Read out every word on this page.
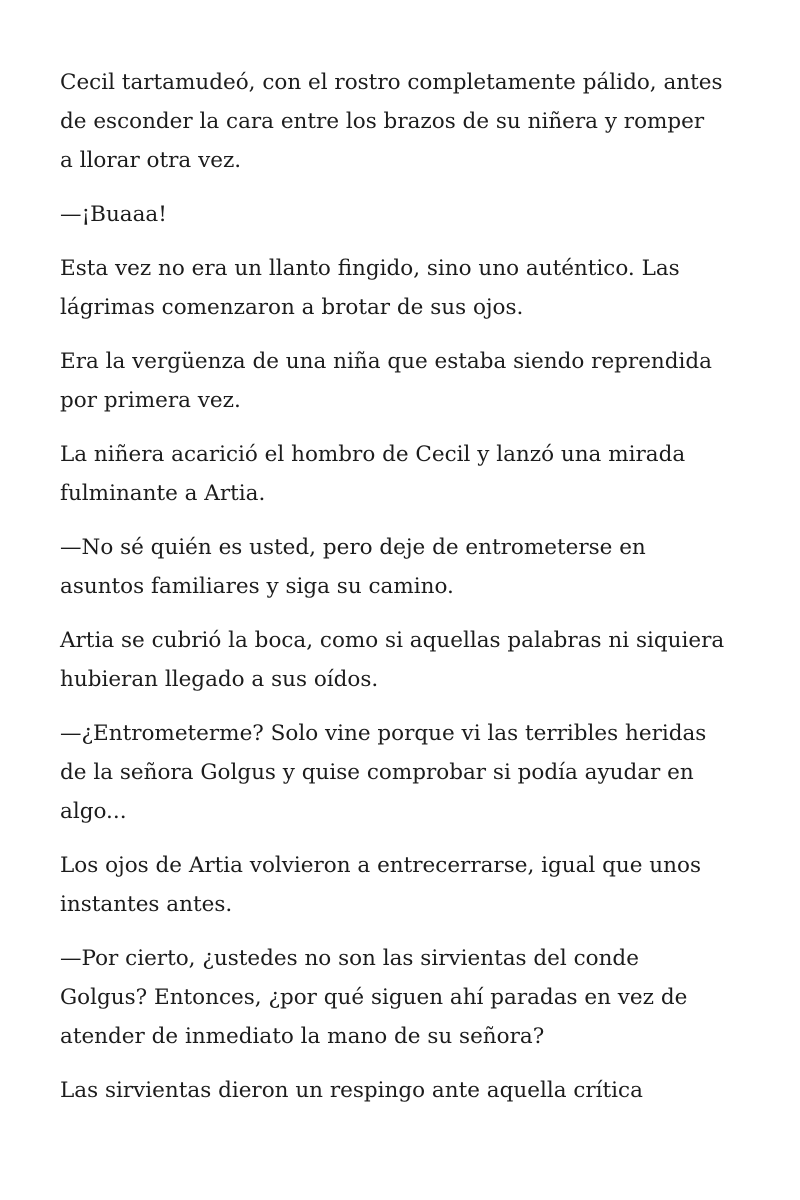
Cecil tartamudeó, con el rostro completamente pálido, antes
de esconder la cara entre los brazos de su niñera y romper
a llorar otra vez.

—¡Buaaa!

Esta vez no era un llanto fingido, sino uno auténtico. Las
lágrimas comenzaron a brotar de sus ojos.

Era la vergüenza de una niña que estaba siendo reprendida
por primera vez.

La niñera acarició el hombro de Cecil y lanzó una mirada
fulminante a Artia.

—No sé quién es usted, pero deje de entrometerse en
asuntos familiares y siga su camino.

Artia se cubrió la boca, como si aquellas palabras ni siquiera
hubieran llegado a sus oídos.

—¿Entrometerme? Solo vine porque vi las terribles heridas
de la señora Golgus y quise comprobar si podía ayudar en
algo...

Los ojos de Artia volvieron a entrecerrarse, igual que unos
instantes antes.

—Por cierto, ¿ustedes no son las sirvientas del conde
Golgus? Entonces, ¿por qué siguen ahí paradas en vez de
atender de inmediato la mano de su señora?

Las sirvientas dieron un respingo ante aquella crítica
